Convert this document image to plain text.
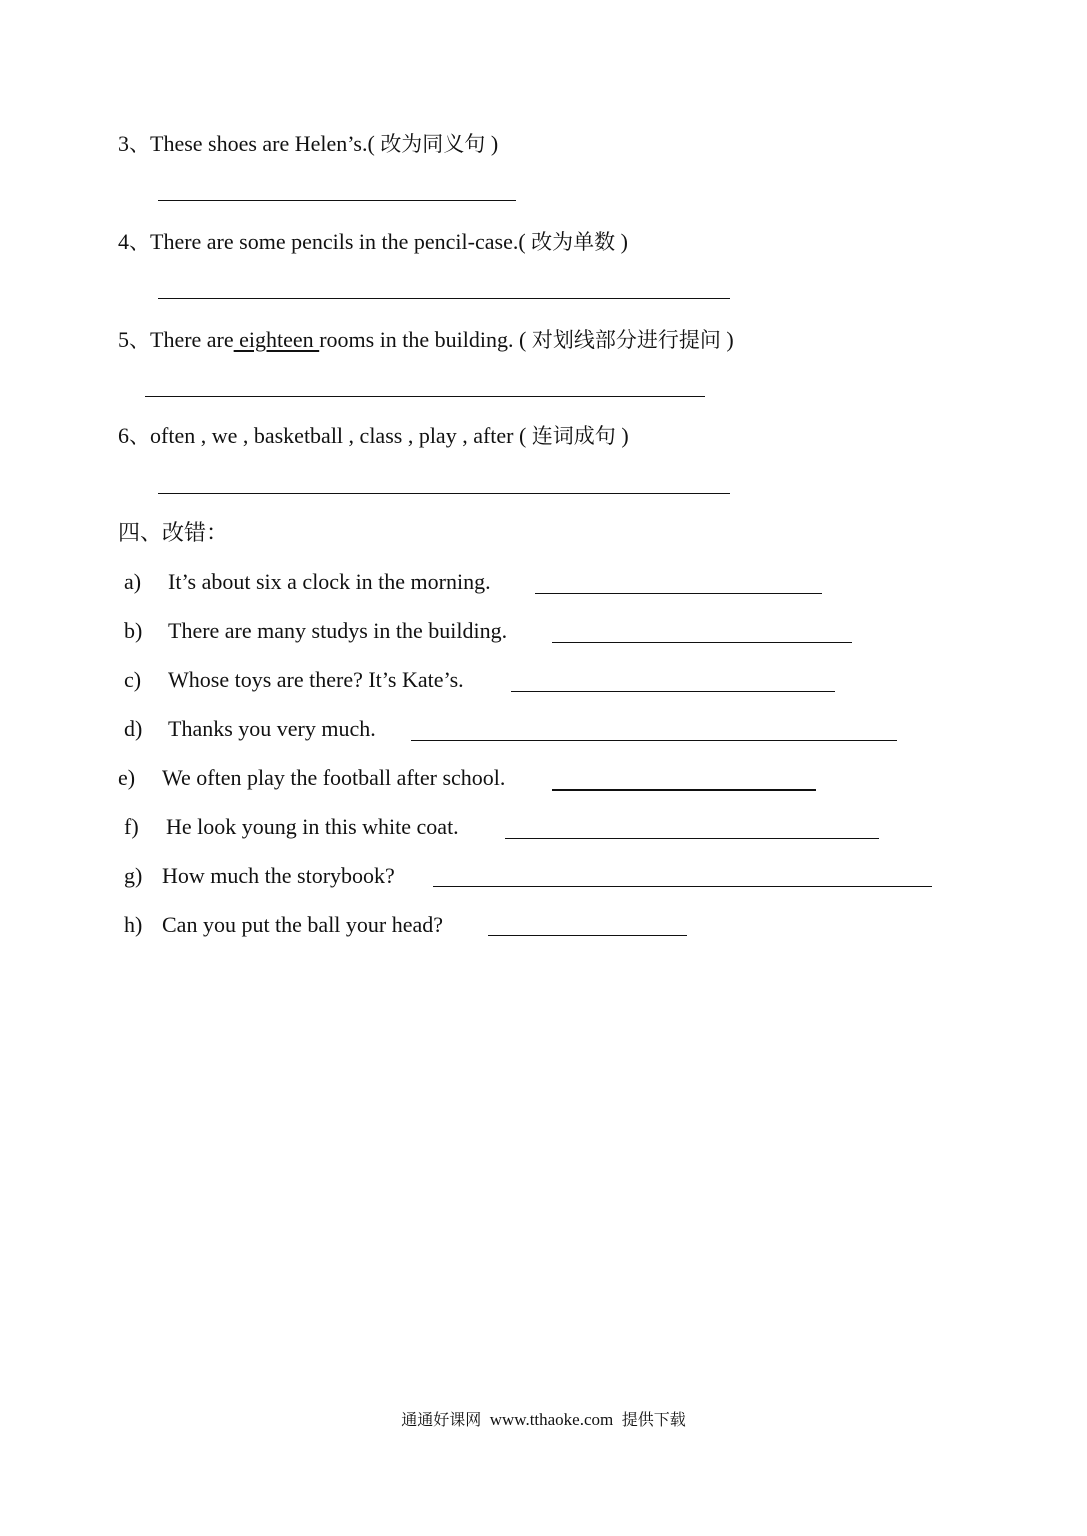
3、These shoes are Helen’s.( 改为同义句 )
4、There are some pencils in the pencil-case.( 改为单数 )
5、There are eighteen rooms in the building. ( 对划线部分进行提问 )
6、often , we , basketball , class , play , after ( 连词成句 )
四、改错：
a) It’s about six a clock in the morning.
b) There are many studys in the building.
c) Whose toys are there? It’s Kate’s.
d) Thanks you very much.
e) We often play the football after school.
f) He look young in this white coat.
g) How much the storybook?
h) Can you put the ball your head?
通通好课网 www.tthaoke.com 提供下载
